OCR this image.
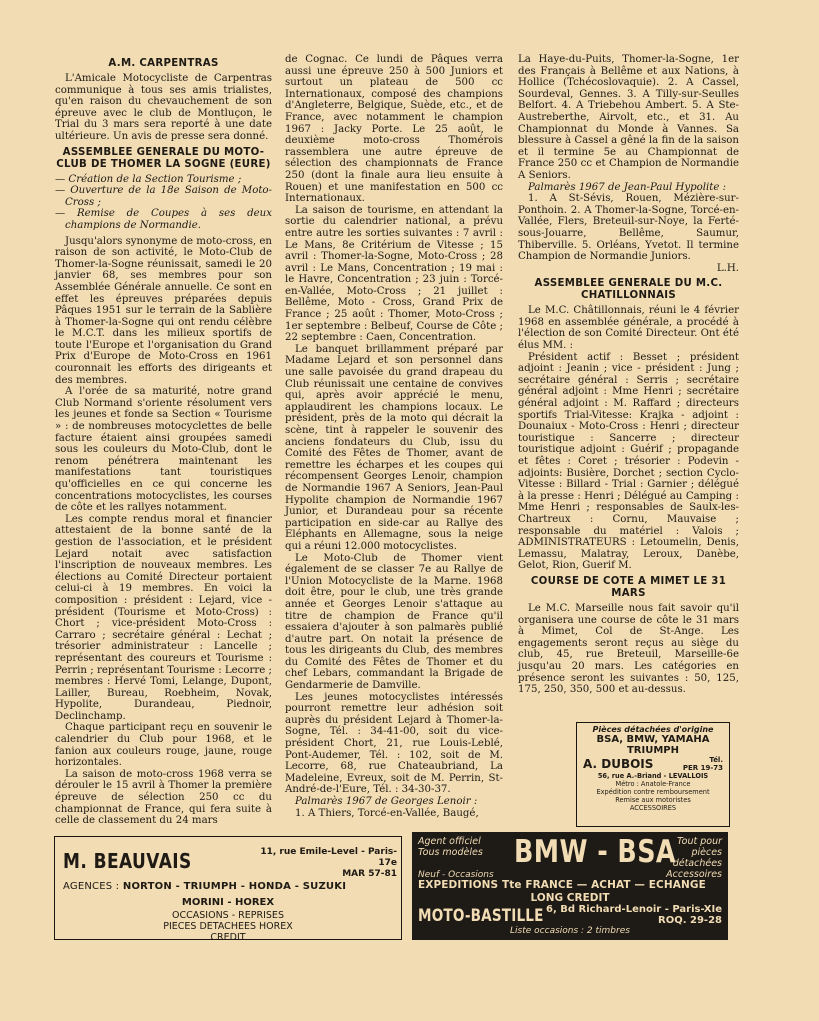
A.M. CARPENTRAS

L'Amicale Motocycliste de Carpentras communique à tous ses amis trialistes, qu'en raison du chevauchement de son épreuve avec le club de Montluçon, le Trial du 3 mars sera reporté à une date ultérieure. Un avis de presse sera donné.

ASSEMBLEE GENERALE DU MOTO-CLUB DE THOMER LA SOGNE (EURE)
— Création de la Section Tourisme ;
— Ouverture de la 18e Saison de Moto-Cross ;
— Remise de Coupes à ses deux champions de Normandie.

Jusqu'alors synonyme de moto-cross, en raison de son activité, le Moto-Club de Thomer-la-Sogne réunissait, samedi le 20 janvier 68, ses membres pour son Assemblée Générale annuelle. Ce sont en effet les épreuves préparées depuis Pâques 1951 sur le terrain de la Sablière à Thomer-la-Sogne qui ont rendu célèbre le M.C.T. dans les milieux sportifs de toute l'Europe et l'organisation du Grand Prix d'Europe de Moto-Cross en 1961 couronnait les efforts des dirigeants et des membres.

A l'orée de sa maturité, notre grand Club Normand s'oriente résolument vers les jeunes et fonde sa Section « Tourisme » : de nombreuses motocyclettes de belle facture étaient ainsi groupées samedi sous les couleurs du Moto-Club, dont le renom pénétrera maintenant les manifestations tant touristiques qu'officielles en ce qui concerne les concentrations motocyclistes, les courses de côte et les rallyes notamment.

Les compte rendus moral et financier attestaient de la bonne santé de la gestion de l'association, et le président Lejard notait avec satisfaction l'inscription de nouveaux membres. Les élections au Comité Directeur portaient celui-ci à 19 membres. En voici la composition : président : Lejard, vice - président (Tourisme et Moto-Cross) : Chort ; vice-président Moto-Cross : Carraro ; secrétaire général : Lechat ; trésorier administrateur : Lancelle ; représentant des coureurs et Tourisme : Perrin ; représentant Tourisme : Lecorre ; membres : Hervé Tomi, Lelange, Dupont, Lailler, Bureau, Roebheim, Novak, Hypolite, Durandeau, Piednoir, Declinchamp.

Chaque participant reçu en souvenir le calendrier du Club pour 1968, et le fanion aux couleurs rouge, jaune, rouge horizontales.

La saison de moto-cross 1968 verra se dérouler le 15 avril à Thomer la première épreuve de sélection 250 cc du championnat de France, qui fera suite à celle de classement du 24 mars

de Cognac. Ce lundi de Pâques verra aussi une épreuve 250 à 500 Juniors et surtout un plateau de 500 cc Internationaux, composé des champions d'Angleterre, Belgique, Suède, etc., et de France, avec notamment le champion 1967 : Jacky Porte. Le 25 août, le deuxième moto-cross Thomérois rassemblera une autre épreuve de sélection des championnats de France 250 (dont la finale aura lieu ensuite à Rouen) et une manifestation en 500 cc Internationaux.

La saison de tourisme, en attendant la sortie du calendrier national, a prévu entre autre les sorties suivantes : 7 avril : Le Mans, 8e Critérium de Vitesse ; 15 avril : Thomer-la-Sogne, Moto-Cross ; 28 avril : Le Mans, Concentration ; 19 mai : le Havre, Concentration ; 23 juin : Torcé-en-Vallée, Moto-Cross ; 21 juillet : Bellême, Moto - Cross, Grand Prix de France ; 25 août : Thomer, Moto-Cross ; 1er septembre : Belbeuf, Course de Côte ; 22 septembre : Caen, Concentration.

Le banquet brillamment préparé par Madame Lejard et son personnel dans une salle pavoisée du grand drapeau du Club réunissait une centaine de convives qui, après avoir apprécié le menu, applaudirent les champions locaux. Le président, près de la moto qui décrait la scène, tint à rappeler le souvenir des anciens fondateurs du Club, issu du Comité des Fêtes de Thomer, avant de remettre les écharpes et les coupes qui récompensent Georges Lenoir, champion de Normandie 1967 A Seniors, Jean-Paul Hypolite champion de Normandie 1967 Junior, et Durandeau pour sa récente participation en side-car au Rallye des Eléphants en Allemagne, sous la neige qui a réuni 12.000 motocyclistes.

Le Moto-Club de Thomer vient également de se classer 7e au Rallye de l'Union Motocycliste de la Marne. 1968 doit être, pour le club, une très grande année et Georges Lenoir s'attaque au titre de champion de France qu'il essaiera d'ajouter à son palmarès publié d'autre part. On notait la présence de tous les dirigeants du Club, des membres du Comité des Fêtes de Thomer et du chef Lebars, commandant la Brigade de Gendarmerie de Damville.

Les jeunes motocyclistes intéressés pourront remettre leur adhésion soit auprès du président Lejard à Thomer-la-Sogne, Tél. : 34-41-00, soit du vice-président Chort, 21, rue Louis-Leblé, Pont-Audemer, Tél. : 102, soit de M. Lecorre, 68, rue Chateaubriand, La Madeleine, Evreux, soit de M. Perrin, St-André-de-l'Eure, Tél. : 34-30-37.

Palmarès 1967 de Georges Lenoir :

1. A Thiers, Torcé-en-Vallée, Baugé,

La Haye-du-Puits, Thomer-la-Sogne, 1er des Français à Bellême et aux Nations, à Hollice (Tchécoslovaquie). 2. A Cassel, Sourdeval, Gennes. 3. A Tilly-sur-Seulles Belfort. 4. A Triebehou Ambert. 5. A Ste-Austreberthe, Airvolt, etc., et 31. Au Championnat du Monde à Vannes. Sa blessure à Cassel a gêné la fin de la saison et il termine 5e au Championnat de France 250 cc et Champion de Normandie A Seniors.

Palmarès 1967 de Jean-Paul Hypolite :

1. A St-Sévis, Rouen, Mézière-sur-Ponthoin. 2. A Thomer-la-Sogne, Torcé-en-Vallée, Flers, Breteuil-sur-Noye, la Ferté-sous-Jouarre, Bellême, Saumur, Thiberville. 5. Orléans, Yvetot. Il termine Champion de Normandie Juniors.

L.H.

ASSEMBLEE GENERALE DU M.C. CHATILLONNAIS

Le M.C. Châtillonnais, réuni le 4 février 1968 en assemblée générale, a procédé à l'élection de son Comité Directeur. Ont été élus MM. :

Président actif : Besset ; président adjoint : Jeanin ; vice - président : Jung ; secrétaire général : Serris ; secrétaire général adjoint : Mme Henri ; secrétaire général adjoint : M. Raffard ; directeurs sportifs Trial-Vitesse: Krajka - adjoint : Dounaiux - Moto-Cross : Henri ; directeur touristique : Sancerre ; directeur touristique adjoint : Guérif ; propagande et fêtes : Coret ; trésorier : Podevin - adjoints: Busière, Dorchet ; section Cyclo-Vitesse : Billard - Trial : Garnier ; délégué à la presse : Henri ; Délégué au Camping : Mme Henri ; responsables de Saulx-les-Chartreux : Cornu, Mauvaise ; responsable du matériel : Valois ; ADMINISTRATEURS : Letoumelin, Denis, Lemassu, Malatray, Leroux, Danèbe, Gelot, Rion, Guerif M.

COURSE DE COTE A MIMET LE 31 MARS

Le M.C. Marseille nous fait savoir qu'il organisera une course de côte le 31 mars à Mimet, Col de St-Ange. Les engagements seront reçus au siège du club, 45, rue Breteuil, Marseille-6e jusqu'au 20 mars. Les catégories en présence seront les suivantes : 50, 125, 175, 250, 350, 500 et au-dessus.

Pièces détachées d'origine
BSA, BMW, YAMAHA
TRIUMPH
A. DUBOIS	Tél.
PER 19-73
56, rue A.-Briand - LEVALLOIS
Métro : Anatole-France
Expédition contre remboursement
Remise aux motoristes
ACCESSOIRES
M. BEAUVAIS	11, rue Emile-Level - Paris-17e
MAR 57-81
AGENCES : NORTON - TRIUMPH - HONDA - SUZUKI
MORINI - HOREX
OCCASIONS - REPRISES
PIECES DETACHEES HOREX
CREDIT
Agent officiel
Tous modèles BMW - BSA Tout pour
pièces
détachées
Accessoires
Neuf - Occasions
EXPEDITIONS Tte FRANCE — ACHAT — ECHANGE
LONG CREDIT
MOTO-BASTILLE 6, Bd Richard-Lenoir - Paris-XIe
ROQ. 29-28
Liste occasions : 2 timbres
